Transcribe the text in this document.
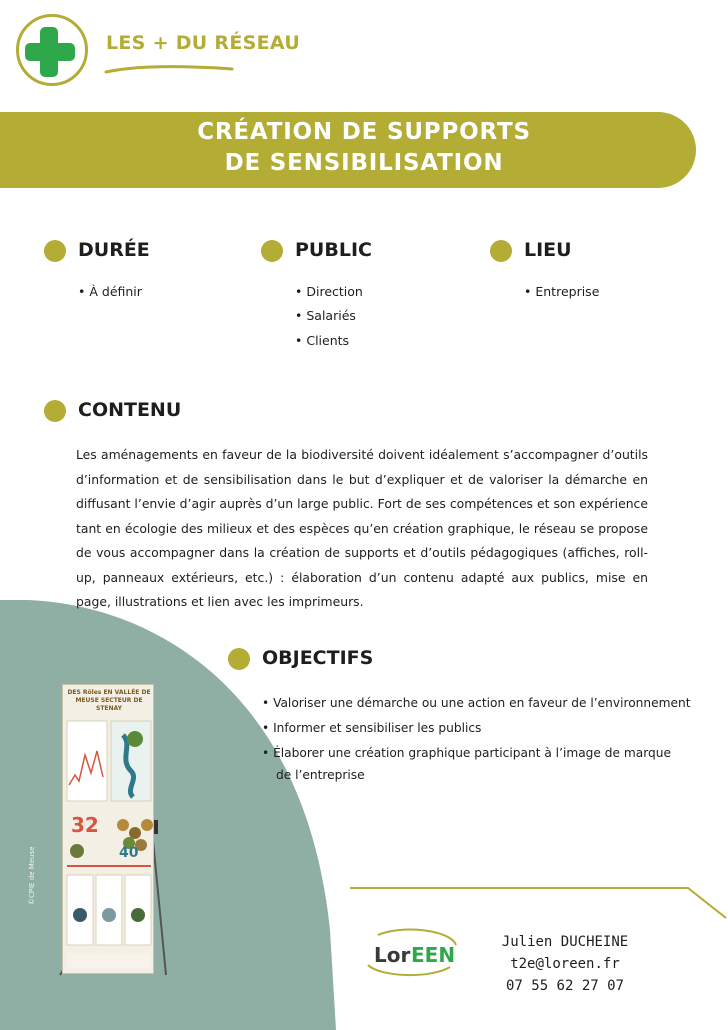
LES + DU RÉSEAU
CRÉATION DE SUPPORTS
DE SENSIBILISATION
DURÉE
• À définir
PUBLIC
• Direction
• Salariés
• Clients
LIEU
• Entreprise
CONTENU
Les aménagements en faveur de la biodiversité doivent idéalement s’accompagner d’outils d’information et de sensibilisation dans le but d’expliquer et de valoriser la démarche en diffusant l’envie d’agir auprès d’un large public. Fort de ses compétences et son expérience tant en écologie des milieux et des espèces qu’en création graphique, le réseau se propose de vous accompagner dans la création de supports et d’outils pédagogiques (affiches, roll-up, panneaux extérieurs, etc.) : élaboration d’un contenu adapté aux publics, mise en page, illustrations et lien avec les imprimeurs.
OBJECTIFS
• Valoriser une démarche ou une action en faveur de l’environnement
• Informer et sensibiliser les publics
• Élaborer une création graphique participant à l’image de marque
de l’entreprise
DES Rôles EN VALLÉE DE MEUSE SECTEUR DE STENAY
32
40
©CPIE de Meuse
Lor EEN
Julien DUCHEINE
t2e@loreen.fr
07 55 62 27 07
